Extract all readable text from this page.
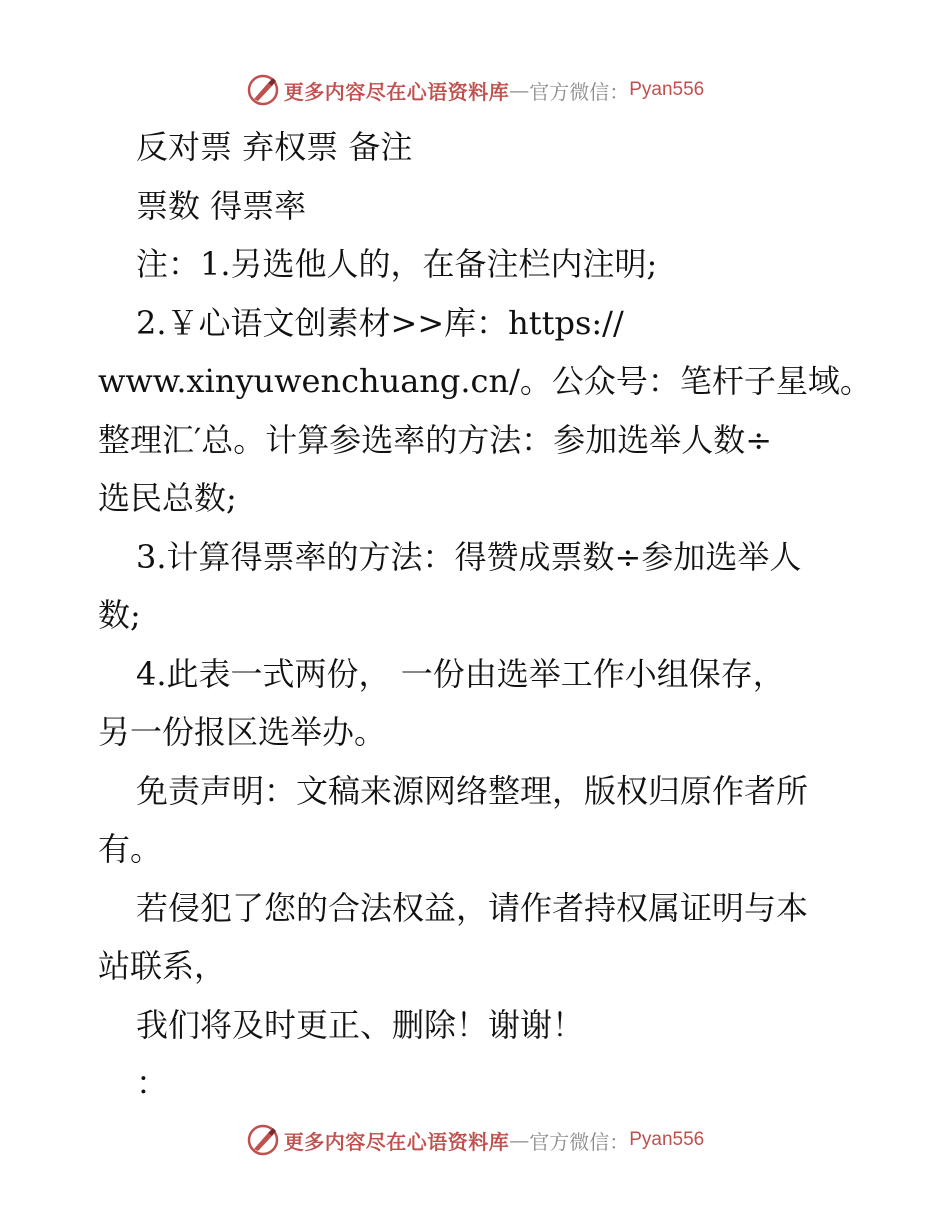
更多内容尽在心语资料库 — 官方微信： Pyan556
反对票 弃权票 备注
票数 得票率
注：1.另选他人的，在备注栏内注明;
2.￥心语文创素材>>库：https://
www.xinyuwenchuang.cn/。公众号：笔杆子星域。
整理汇′总。计算参选率的方法：参加选举人数÷
选民总数;
3.计算得票率的方法：得赞成票数÷参加选举人
数;
4.此表一式两份， 一份由选举工作小组保存，
另一份报区选举办。
免责声明：文稿来源网络整理，版权归原作者所
有。
若侵犯了您的合法权益，请作者持权属证明与本
站联系，
我们将及时更正、删除！谢谢！
：
更多内容尽在心语资料库 — 官方微信： Pyan556
